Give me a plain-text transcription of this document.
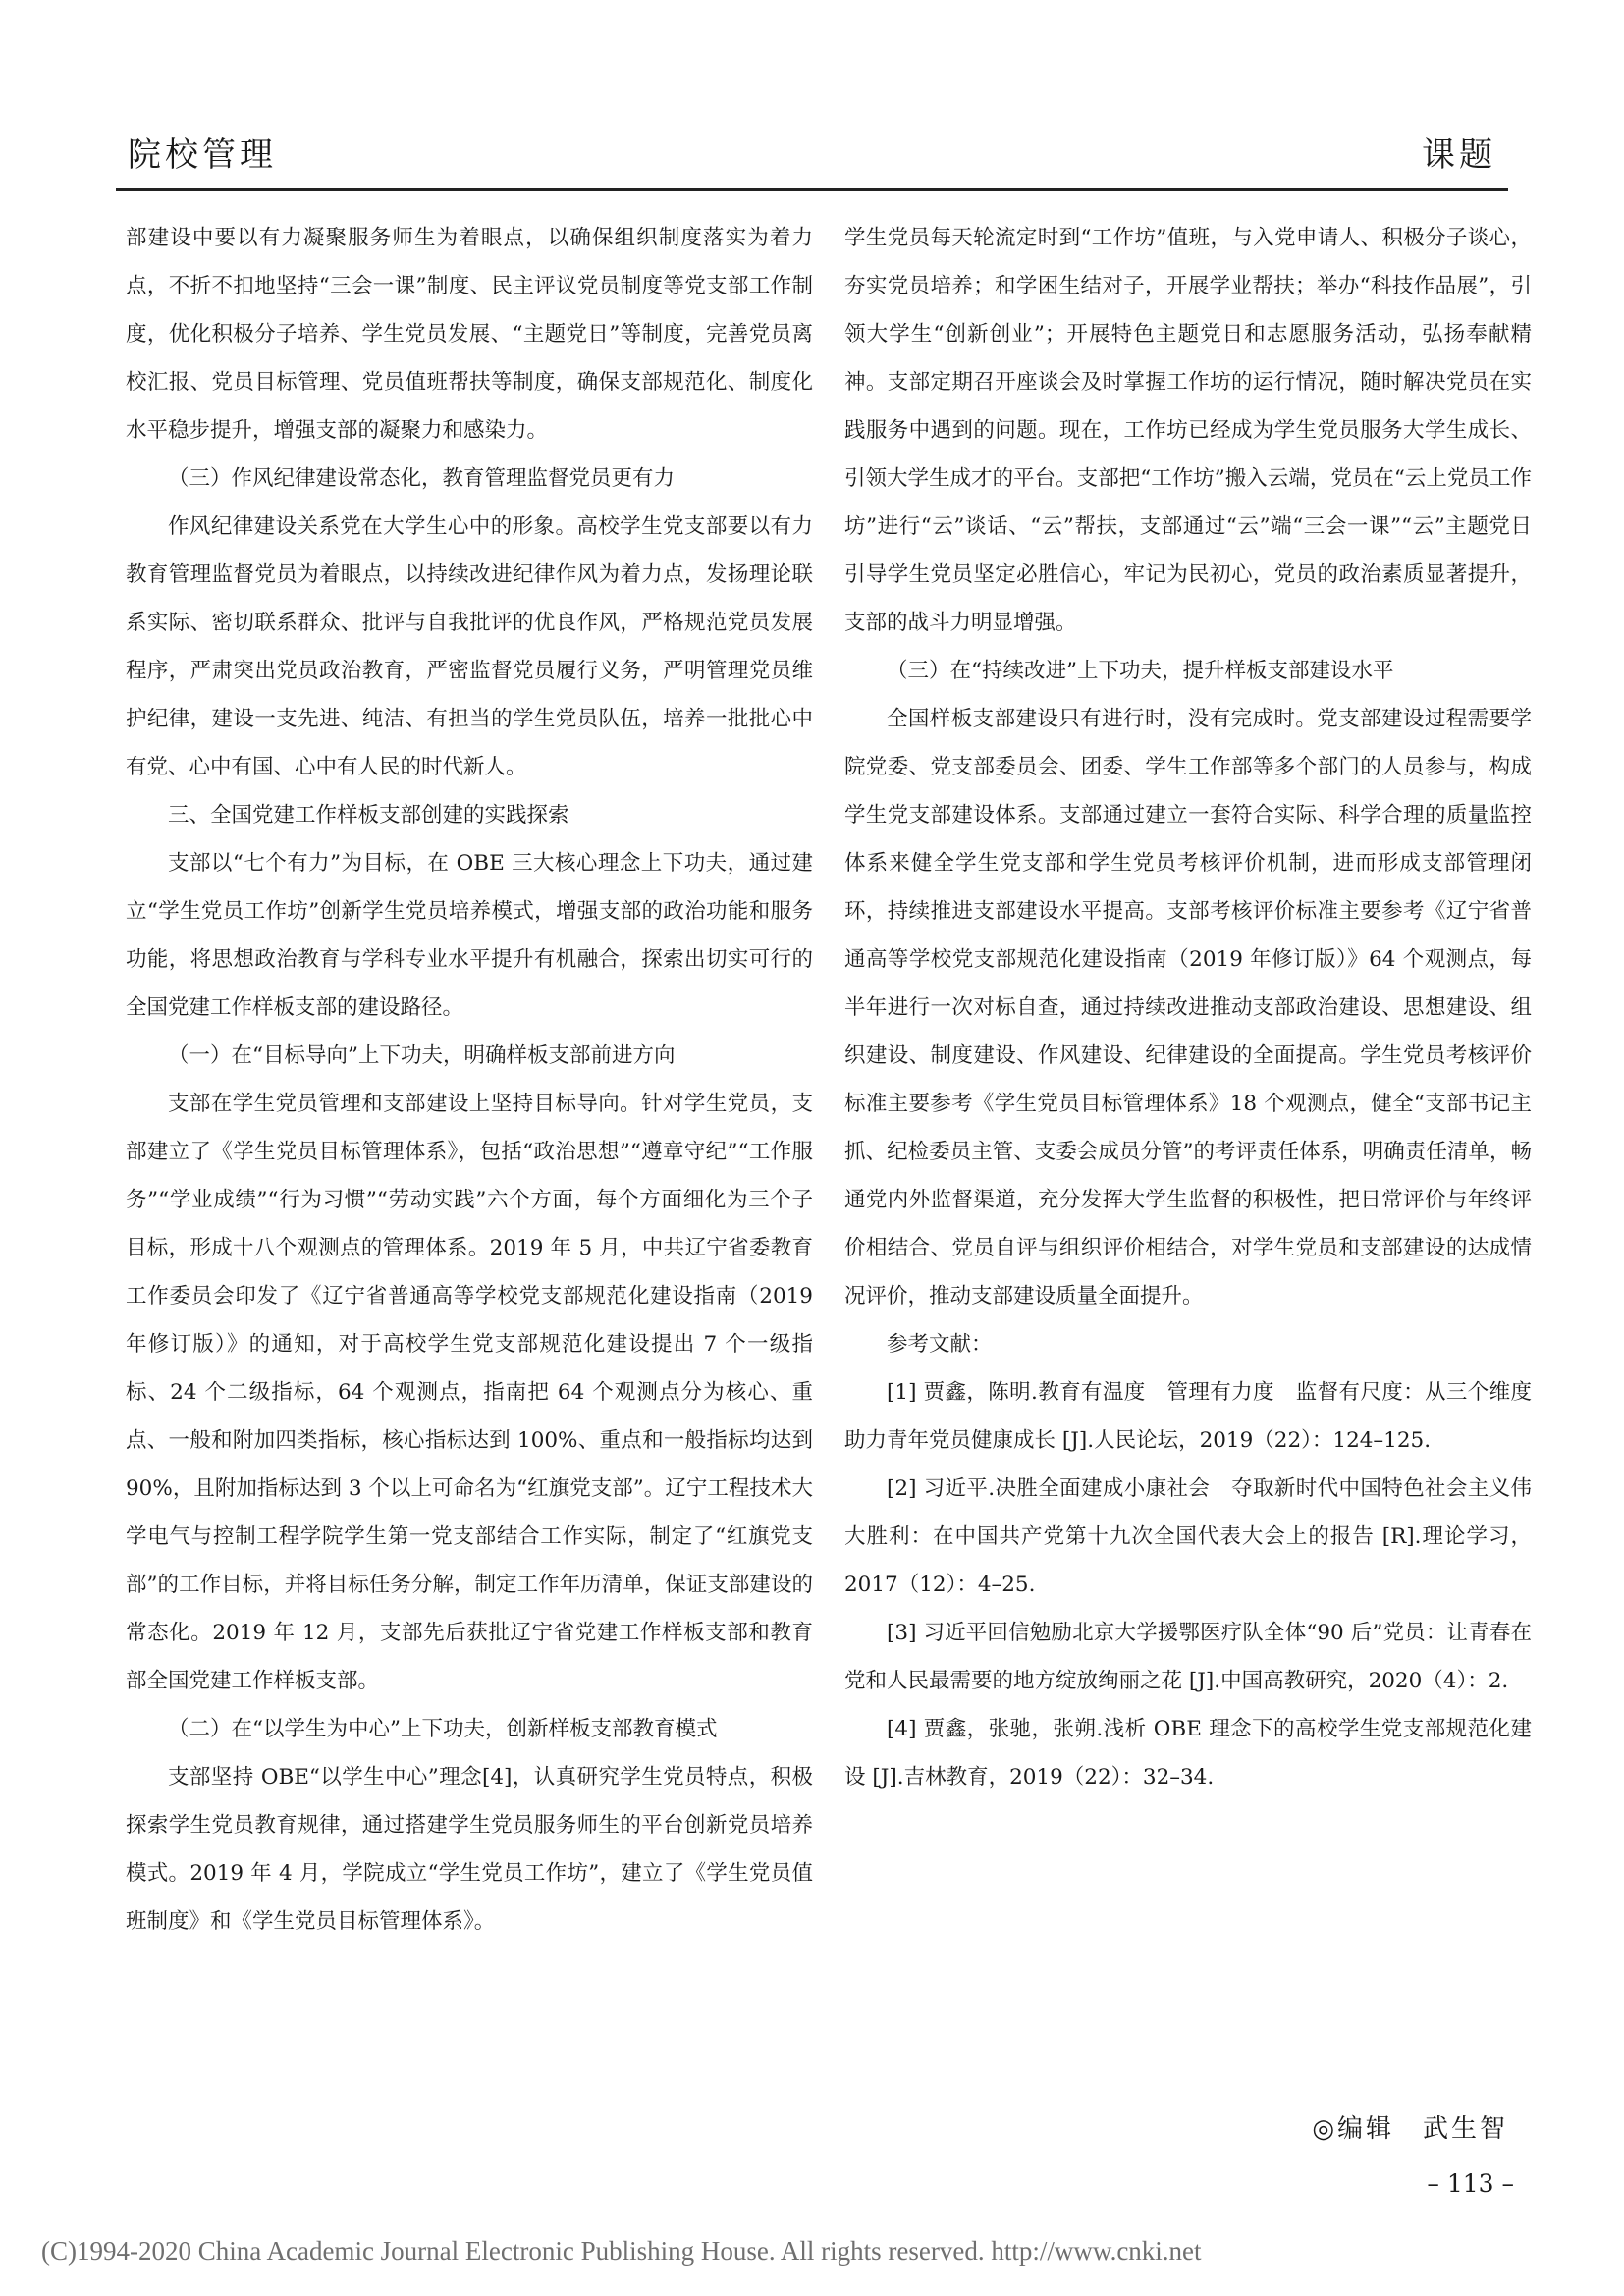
院校管理	课题

部建设中要以有力凝聚服务师生为着眼点，以确保组织制度落实为着力点，不折不扣地坚持“三会一课”制度、民主评议党员制度等党支部工作制度，优化积极分子培养、学生党员发展、“主题党日”等制度，完善党员离校汇报、党员目标管理、党员值班帮扶等制度，确保支部规范化、制度化水平稳步提升，增强支部的凝聚力和感染力。

（三）作风纪律建设常态化，教育管理监督党员更有力

作风纪律建设关系党在大学生心中的形象。高校学生党支部要以有力教育管理监督党员为着眼点，以持续改进纪律作风为着力点，发扬理论联系实际、密切联系群众、批评与自我批评的优良作风，严格规范党员发展程序，严肃突出党员政治教育，严密监督党员履行义务，严明管理党员维护纪律，建设一支先进、纯洁、有担当的学生党员队伍，培养一批批心中有党、心中有国、心中有人民的时代新人。

三、全国党建工作样板支部创建的实践探索

支部以“七个有力”为目标，在 OBE 三大核心理念上下功夫，通过建立“学生党员工作坊”创新学生党员培养模式，增强支部的政治功能和服务功能，将思想政治教育与学科专业水平提升有机融合，探索出切实可行的全国党建工作样板支部的建设路径。

（一）在“目标导向”上下功夫，明确样板支部前进方向

支部在学生党员管理和支部建设上坚持目标导向。针对学生党员，支部建立了《学生党员目标管理体系》，包括“政治思想”“遵章守纪”“工作服务”“学业成绩”“行为习惯”“劳动实践”六个方面，每个方面细化为三个子目标，形成十八个观测点的管理体系。2019 年 5 月，中共辽宁省委教育工作委员会印发了《辽宁省普通高等学校党支部规范化建设指南（2019 年修订版）》的通知，对于高校学生党支部规范化建设提出 7 个一级指标、24 个二级指标，64 个观测点，指南把 64 个观测点分为核心、重点、一般和附加四类指标，核心指标达到 100%、重点和一般指标均达到 90%，且附加指标达到 3 个以上可命名为“红旗党支部”。辽宁工程技术大学电气与控制工程学院学生第一党支部结合工作实际，制定了“红旗党支部”的工作目标，并将目标任务分解，制定工作年历清单，保证支部建设的常态化。2019 年 12 月，支部先后获批辽宁省党建工作样板支部和教育部全国党建工作样板支部。

（二）在“以学生为中心”上下功夫，创新样板支部教育模式

支部坚持 OBE“以学生中心”理念[4]，认真研究学生党员特点，积极探索学生党员教育规律，通过搭建学生党员服务师生的平台创新党员培养模式。2019 年 4 月，学院成立“学生党员工作坊”，建立了《学生党员值班制度》和《学生党员目标管理体系》。

学生党员每天轮流定时到“工作坊”值班，与入党申请人、积极分子谈心，夯实党员培养；和学困生结对子，开展学业帮扶；举办“科技作品展”，引领大学生“创新创业”；开展特色主题党日和志愿服务活动，弘扬奉献精神。支部定期召开座谈会及时掌握工作坊的运行情况，随时解决党员在实践服务中遇到的问题。现在，工作坊已经成为学生党员服务大学生成长、引领大学生成才的平台。支部把“工作坊”搬入云端，党员在“云上党员工作坊”进行“云”谈话、“云”帮扶，支部通过“云”端“三会一课”“云”主题党日引导学生党员坚定必胜信心，牢记为民初心，党员的政治素质显著提升，支部的战斗力明显增强。

（三）在“持续改进”上下功夫，提升样板支部建设水平

全国样板支部建设只有进行时，没有完成时。党支部建设过程需要学院党委、党支部委员会、团委、学生工作部等多个部门的人员参与，构成学生党支部建设体系。支部通过建立一套符合实际、科学合理的质量监控体系来健全学生党支部和学生党员考核评价机制，进而形成支部管理闭环，持续推进支部建设水平提高。支部考核评价标准主要参考《辽宁省普通高等学校党支部规范化建设指南（2019 年修订版）》64 个观测点，每半年进行一次对标自查，通过持续改进推动支部政治建设、思想建设、组织建设、制度建设、作风建设、纪律建设的全面提高。学生党员考核评价标准主要参考《学生党员目标管理体系》18 个观测点，健全“支部书记主抓、纪检委员主管、支委会成员分管”的考评责任体系，明确责任清单，畅通党内外监督渠道，充分发挥大学生监督的积极性，把日常评价与年终评价相结合、党员自评与组织评价相结合，对学生党员和支部建设的达成情况评价，推动支部建设质量全面提升。

参考文献：

[1] 贾鑫，陈明.教育有温度　管理有力度　监督有尺度：从三个维度助力青年党员健康成长 [J].人民论坛，2019（22）：124–125.

[2] 习近平.决胜全面建成小康社会　夺取新时代中国特色社会主义伟大胜利：在中国共产党第十九次全国代表大会上的报告 [R].理论学习，2017（12）：4–25.

[3] 习近平回信勉励北京大学援鄂医疗队全体“90 后”党员：让青春在党和人民最需要的地方绽放绚丽之花 [J].中国高教研究，2020（4）：2.

[4] 贾鑫，张驰，张朔.浅析 OBE 理念下的高校学生党支部规范化建设 [J].吉林教育，2019（22）：32–34.

◎编辑　武生智
– 113 –
(C)1994-2020 China Academic Journal Electronic Publishing House. All rights reserved. http://www.cnki.net
